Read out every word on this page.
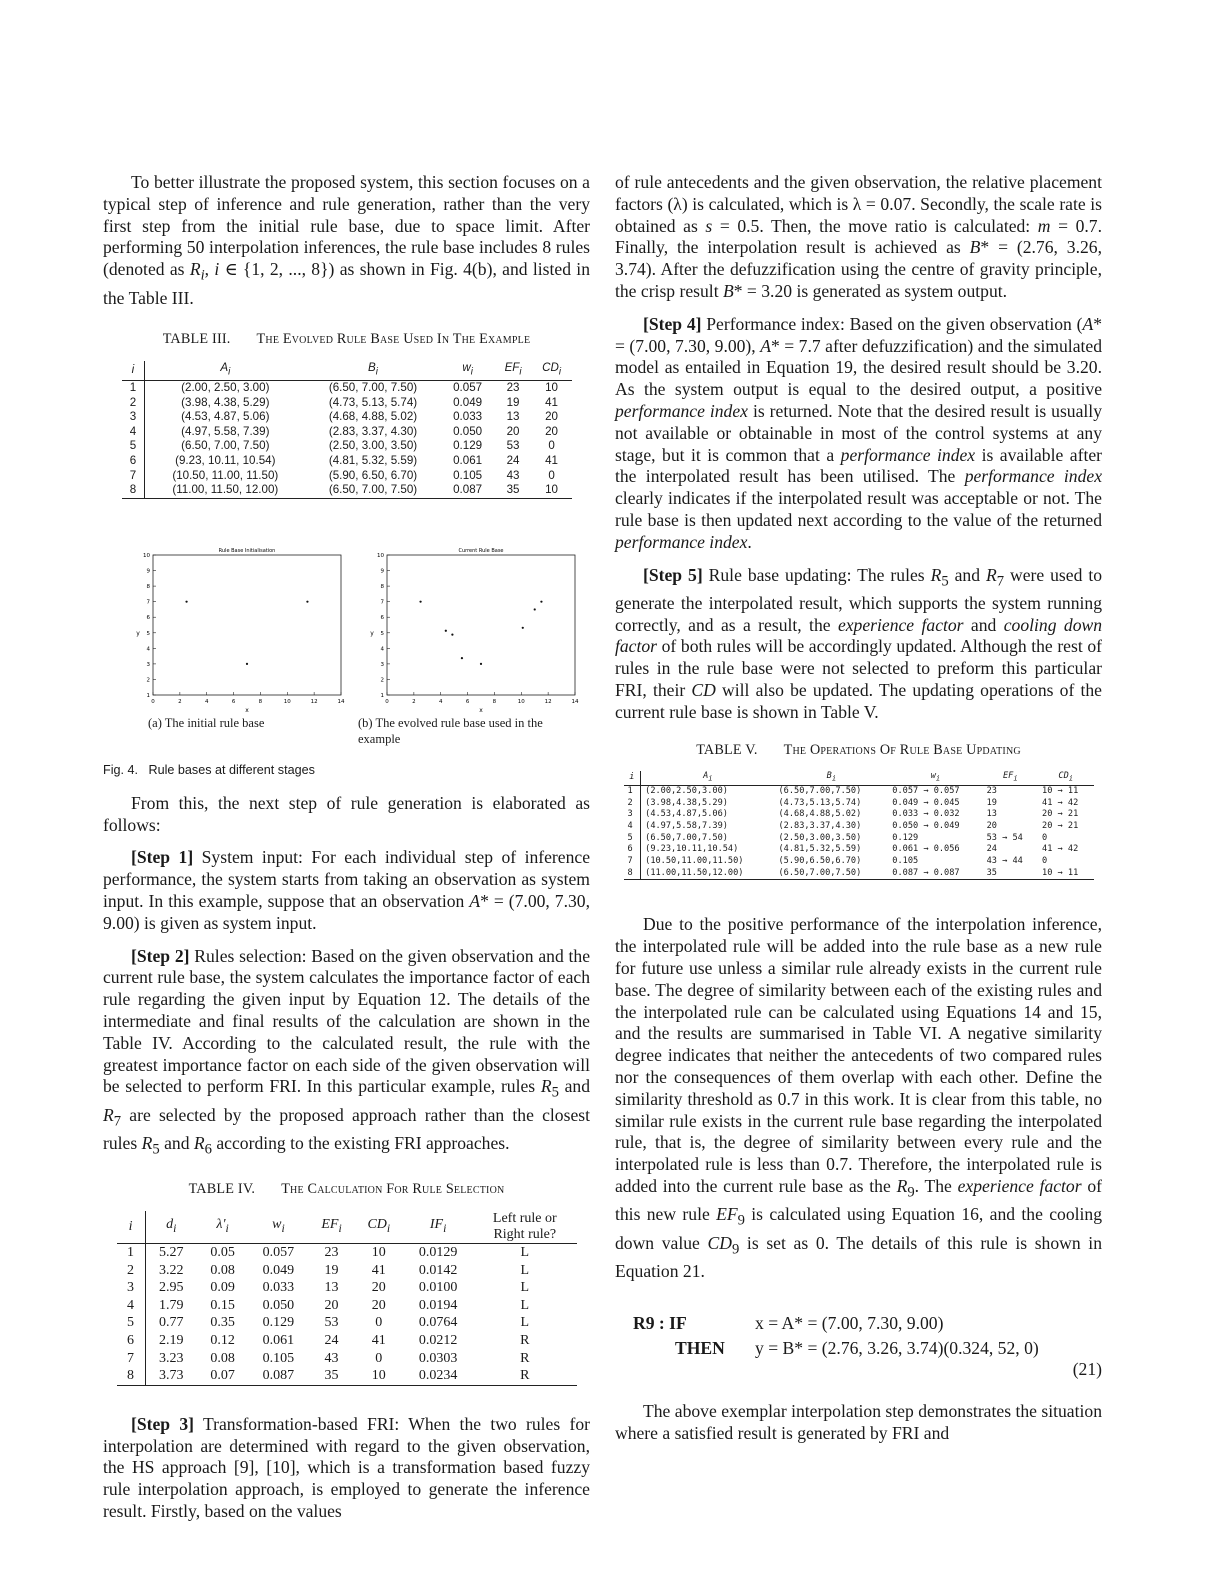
To better illustrate the proposed system, this section focuses on a typical step of inference and rule generation, rather than the very first step from the initial rule base, due to space limit. After performing 50 interpolation inferences, the rule base includes 8 rules (denoted as $R_i$, i ∈ {1, 2, ..., 8}) as shown in Fig. 4(b), and listed in the Table III.

TABLE III. The Evolved Rule Base Used In The Example

i	$A_i$	$B_i$	$w_i$	$EF_i$	$CD_i$
1	(2.00, 2.50, 3.00)	(6.50, 7.00, 7.50)	0.057	23	10
2	(3.98, 4.38, 5.29)	(4.73, 5.13, 5.74)	0.049	19	41
3	(4.53, 4.87, 5.06)	(4.68, 4.88, 5.02)	0.033	13	20
4	(4.97, 5.58, 7.39)	(2.83, 3.37, 4.30)	0.050	20	20
5	(6.50, 7.00, 7.50)	(2.50, 3.00, 3.50)	0.129	53	0
6	(9.23, 10.11, 10.54)	(4.81, 5.32, 5.59)	0.061	24	41
7	(10.50, 11.00, 11.50)	(5.90, 6.50, 6.70)	0.105	43	0
8	(11.00, 11.50, 12.00)	(6.50, 7.00, 7.50)	0.087	35	10
Rule Base Initialisation
0	2	4	6	8	10	12	14
1
2
3
4
5
6
7
8
9
10
x
y
Current Rule Base
0	2	4	6	8	10	12	14
1
2
3
4
5
6
7
8
9
10
x
y
(a) The initial rule base	(b) The evolved rule base used in the example
Fig. 4.   Rule bases at different stages

From this, the next step of rule generation is elaborated as follows:

[Step 1] System input: For each individual step of inference performance, the system starts from taking an observation as system input. In this example, suppose that an observation A* = (7.00, 7.30, 9.00) is given as system input.

[Step 2] Rules selection: Based on the given observation and the current rule base, the system calculates the importance factor of each rule regarding the given input by Equation 12. The details of the intermediate and final results of the calculation are shown in the Table IV. According to the calculated result, the rule with the greatest importance factor on each side of the given observation will be selected to perform FRI. In this particular example, rules $R_5$ and $R_7$ are selected by the proposed approach rather than the closest rules $R_5$ and $R_6$ according to the existing FRI approaches.

TABLE IV. The Calculation For Rule Selection

i	$d_i$	$\lambda'_i$	$w_i$	$EF_i$	$CD_i$	$IF_i$	Left rule or
Right rule?
1	5.27	0.05	0.057	23	10	0.0129	L
2	3.22	0.08	0.049	19	41	0.0142	L
3	2.95	0.09	0.033	13	20	0.0100	L
4	1.79	0.15	0.050	20	20	0.0194	L
5	0.77	0.35	0.129	53	0	0.0764	L
6	2.19	0.12	0.061	24	41	0.0212	R
7	3.23	0.08	0.105	43	0	0.0303	R
8	3.73	0.07	0.087	35	10	0.0234	R

[Step 3] Transformation-based FRI: When the two rules for interpolation are determined with regard to the given observation, the HS approach [9], [10], which is a transformation based fuzzy rule interpolation approach, is employed to generate the inference result. Firstly, based on the values

of rule antecedents and the given observation, the relative placement factors (λ) is calculated, which is λ = 0.07. Secondly, the scale rate is obtained as s = 0.5. Then, the move ratio is calculated: m = 0.7. Finally, the interpolation result is achieved as B* = (2.76, 3.26, 3.74). After the defuzzification using the centre of gravity principle, the crisp result B* = 3.20 is generated as system output.

[Step 4] Performance index: Based on the given observation (A* = (7.00, 7.30, 9.00), A* = 7.7 after defuzzification) and the simulated model as entailed in Equation 19, the desired result should be 3.20. As the system output is equal to the desired output, a positive performance index is returned. Note that the desired result is usually not available or obtainable in most of the control systems at any stage, but it is common that a performance index is available after the interpolated result has been utilised. The performance index clearly indicates if the interpolated result was acceptable or not. The rule base is then updated next according to the value of the returned performance index.

[Step 5] Rule base updating: The rules $R_5$ and $R_7$ were used to generate the interpolated result, which supports the system running correctly, and as a result, the experience factor and cooling down factor of both rules will be accordingly updated. Although the rest of rules in the rule base were not selected to preform this particular FRI, their CD will also be updated. The updating operations of the current rule base is shown in Table V.

TABLE V. The Operations Of Rule Base Updating

i	$A_i$	$B_i$	$w_i$	$EF_i$	$CD_i$
1	(2.00,2.50,3.00)	(6.50,7.00,7.50)	0.057 → 0.057	23	10 → 11
2	(3.98,4.38,5.29)	(4.73,5.13,5.74)	0.049 → 0.045	19	41 → 42
3	(4.53,4.87,5.06)	(4.68,4.88,5.02)	0.033 → 0.032	13	20 → 21
4	(4.97,5.58,7.39)	(2.83,3.37,4.30)	0.050 → 0.049	20	20 → 21
5	(6.50,7.00,7.50)	(2.50,3.00,3.50)	0.129	53 → 54	0
6	(9.23,10.11,10.54)	(4.81,5.32,5.59)	0.061 → 0.056	24	41 → 42
7	(10.50,11.00,11.50)	(5.90,6.50,6.70)	0.105	43 → 44	0
8	(11.00,11.50,12.00)	(6.50,7.00,7.50)	0.087 → 0.087	35	10 → 11

Due to the positive performance of the interpolation inference, the interpolated rule will be added into the rule base as a new rule for future use unless a similar rule already exists in the current rule base. The degree of similarity between each of the existing rules and the interpolated rule can be calculated using Equations 14 and 15, and the results are summarised in Table VI. A negative similarity degree indicates that neither the antecedents of two compared rules nor the consequences of them overlap with each other. Define the similarity threshold as 0.7 in this work. It is clear from this table, no similar rule exists in the current rule base regarding the interpolated rule, that is, the degree of similarity between every rule and the interpolated rule is less than 0.7. Therefore, the interpolated rule is added into the current rule base as the $R_9$. The experience factor of this new rule $EF_9$ is calculated using Equation 16, and the cooling down value $CD_9$ is set as 0. The details of this rule is shown in Equation 21.

R9 : IF	x = A* = (7.00, 7.30, 9.00)
THEN y = B* = (2.76, 3.26, 3.74)(0.324, 52, 0)
(21)

The above exemplar interpolation step demonstrates the situation where a satisfied result is generated by FRI and
